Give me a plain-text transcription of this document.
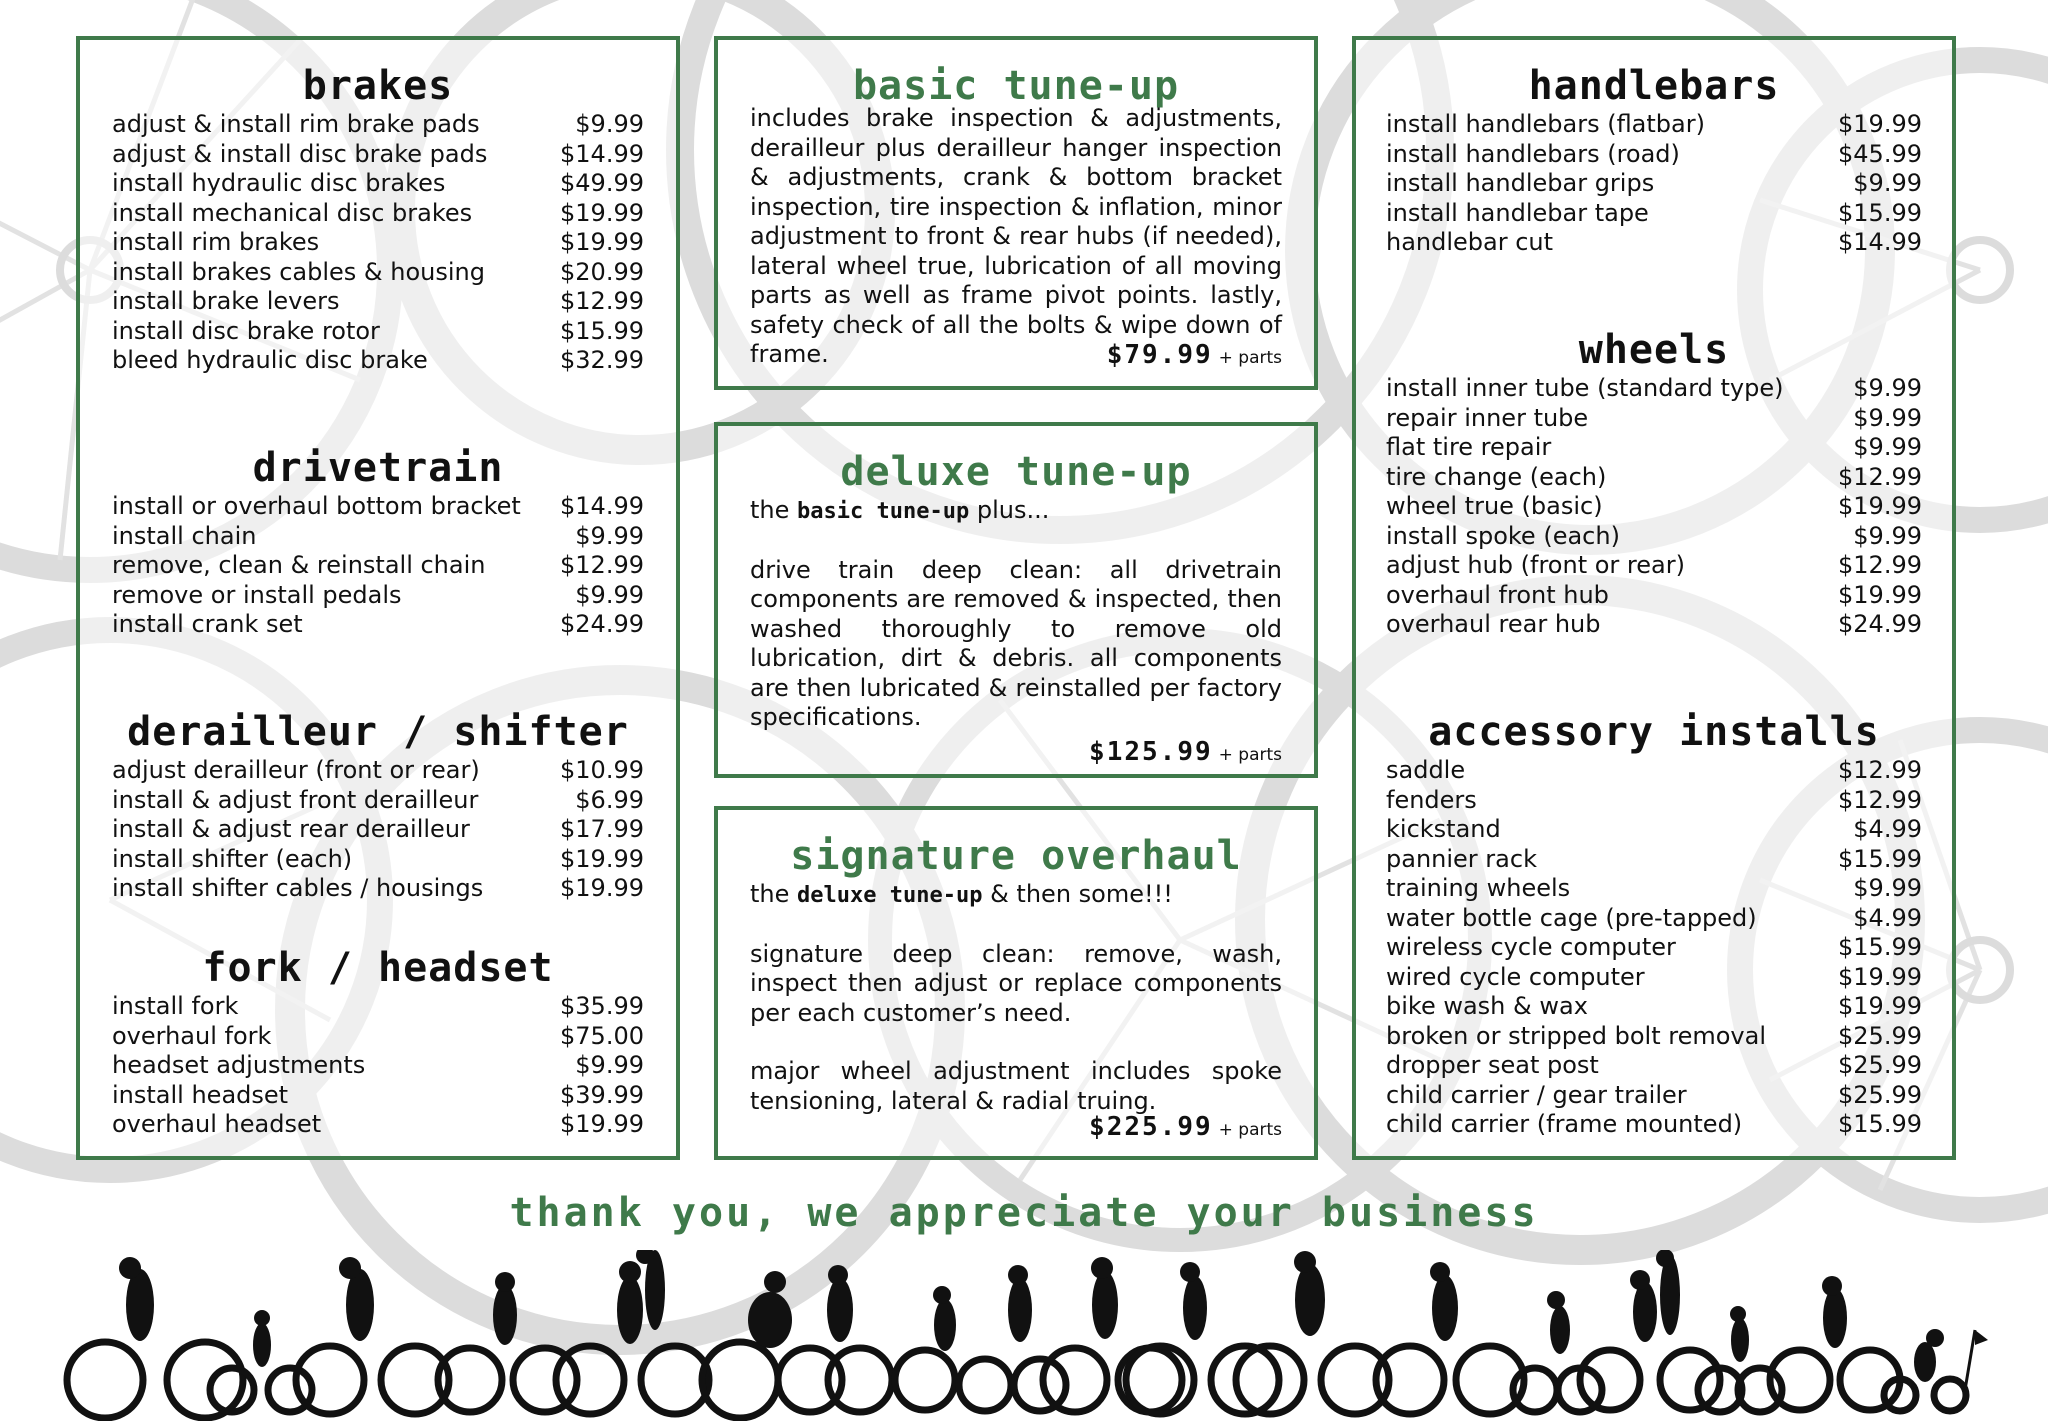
brakes
adjust & install rim brake pads	$9.99
adjust & install disc brake pads	$14.99
install hydraulic disc brakes	$49.99
install mechanical disc brakes	$19.99
install rim brakes	$19.99
install brakes cables & housing	$20.99
install brake levers	$12.99
install disc brake rotor	$15.99
bleed hydraulic disc brake	$32.99
drivetrain
install or overhaul bottom bracket $14.99
install chain	$9.99
remove, clean & reinstall chain	$12.99
remove or install pedals	$9.99
install crank set	$24.99
derailleur / shifter
adjust derailleur (front or rear)	$10.99
install & adjust front derailleur	$6.99
install & adjust rear derailleur	$17.99
install shifter (each)	$19.99
install shifter cables / housings	$19.99
fork / headset
install fork	$35.99
overhaul fork	$75.00
headset adjustments	$9.99
install headset	$39.99
overhaul headset	$19.99
basic tune-up

includes brake inspection & adjustments, derailleur plus derailleur hanger inspection & adjustments, crank & bottom bracket inspection, tire inspection & inflation, minor adjustment to front & rear hubs (if needed), lateral wheel true, lubrication of all moving parts as well as frame pivot points. lastly, safety check of all the bolts & wipe down of frame.	$79.99 + parts
deluxe tune-up

the basic tune-up plus...

drive train deep clean: all drivetrain components are removed & inspected, then washed thoroughly to remove old lubrication, dirt & debris. all components are then lubricated & reinstalled per factory specifications.

$125.99 + parts
signature overhaul

the deluxe tune-up & then some!!!

signature deep clean: remove, wash, inspect then adjust or replace components per each customer’s need.

major wheel adjustment includes spoke tensioning, lateral & radial truing.

$225.99 + parts
handlebars
install handlebars (flatbar)	$19.99
install handlebars (road)	$45.99
install handlebar grips	$9.99
install handlebar tape	$15.99
handlebar cut	$14.99
wheels
install inner tube (standard type)	$9.99
repair inner tube	$9.99
flat tire repair	$9.99
tire change (each)	$12.99
wheel true (basic)	$19.99
install spoke (each)	$9.99
adjust hub (front or rear)	$12.99
overhaul front hub	$19.99
overhaul rear hub	$24.99
accessory installs
saddle	$12.99
fenders	$12.99
kickstand	$4.99
pannier rack	$15.99
training wheels	$9.99
water bottle cage (pre-tapped)	$4.99
wireless cycle computer	$15.99
wired cycle computer	$19.99
bike wash & wax	$19.99
broken or stripped bolt removal	$25.99
dropper seat post	$25.99
child carrier / gear trailer	$25.99
child carrier (frame mounted)	$15.99
thank you, we appreciate your business
